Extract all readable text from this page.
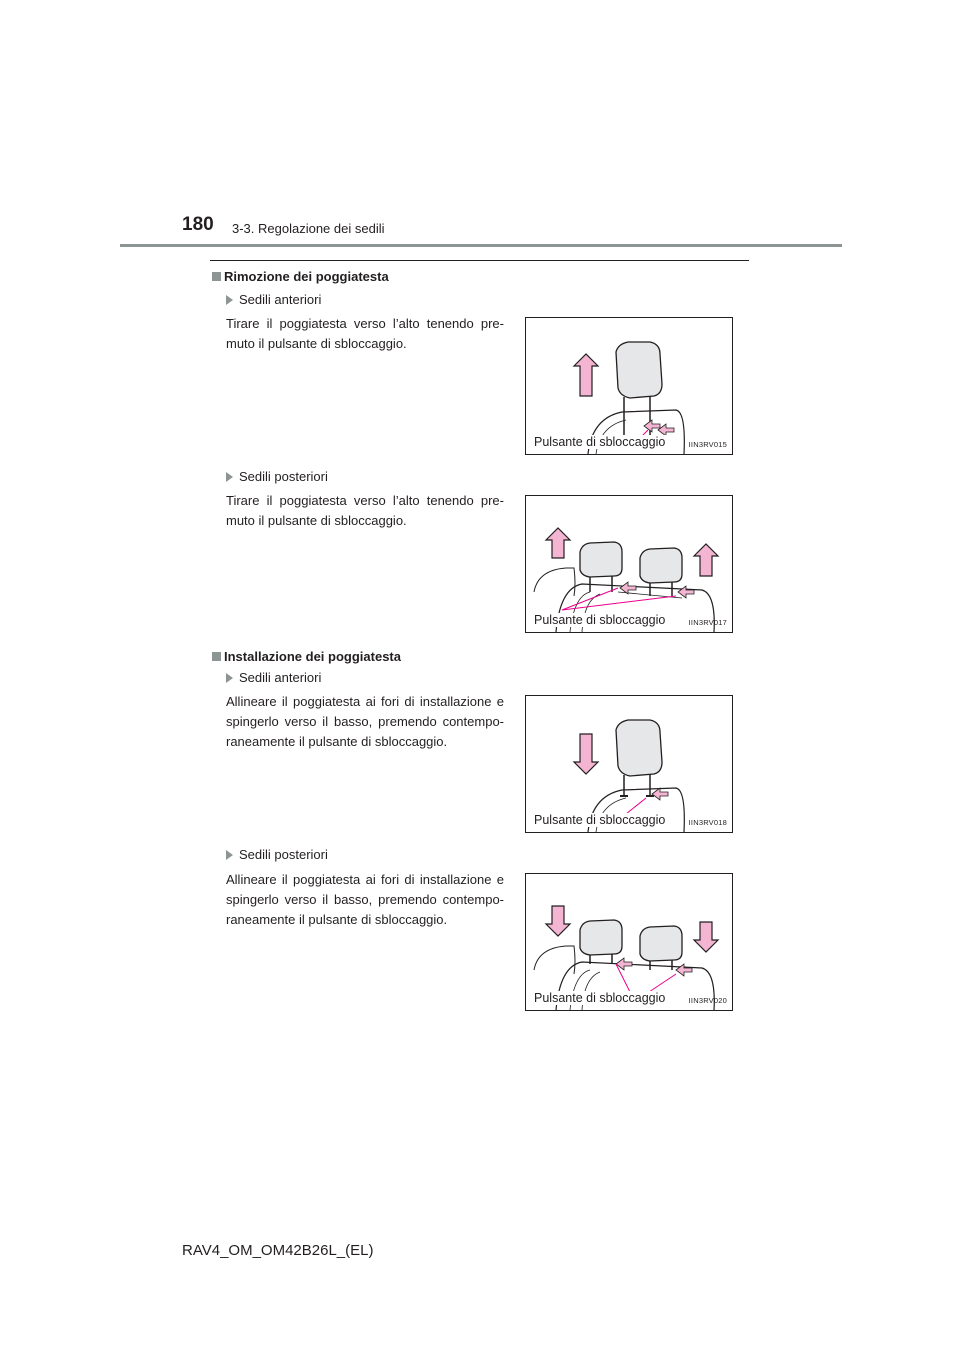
180 3-3. Regolazione dei sedili
Rimozione dei poggiatesta
Sedili anteriori
Tirare il poggiatesta verso l’alto tenendo pre-muto il pulsante di sbloccaggio.
Pulsante di sbloccaggio	IIN3RV015
Sedili posteriori
Tirare il poggiatesta verso l’alto tenendo pre-muto il pulsante di sbloccaggio.
Pulsante di sbloccaggio	IIN3RV017
Installazione dei poggiatesta
Sedili anteriori
Allineare il poggiatesta ai fori di installazione e spingerlo verso il basso, premendo contempo-raneamente il pulsante di sbloccaggio.
Pulsante di sbloccaggio	IIN3RV018
Sedili posteriori
Allineare il poggiatesta ai fori di installazione e spingerlo verso il basso, premendo contempo-raneamente il pulsante di sbloccaggio.
Pulsante di sbloccaggio	IIN3RV020
RAV4_OM_OM42B26L_(EL)
